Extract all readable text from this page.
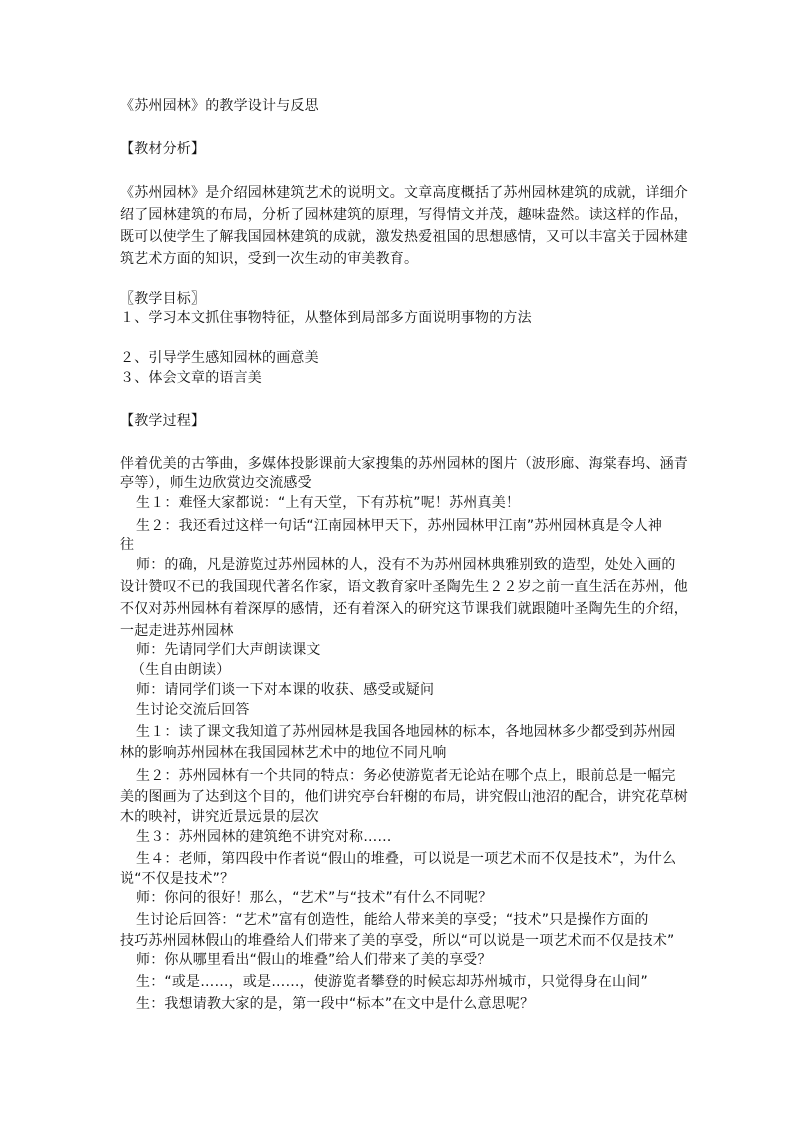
《苏州园林》的教学设计与反思
【教材分析】
《苏州园林》是介绍园林建筑艺术的说明文。文章高度概括了苏州园林建筑的成就，详细介
绍了园林建筑的布局，分析了园林建筑的原理，写得情文并茂，趣味盎然。读这样的作品，
既可以使学生了解我国园林建筑的成就，激发热爱祖国的思想感情，又可以丰富关于园林建
筑艺术方面的知识，受到一次生动的审美教育。
〖教学目标〗
１、学习本文抓住事物特征，从整体到局部多方面说明事物的方法
２、引导学生感知园林的画意美
３、体会文章的语言美
【教学过程】
伴着优美的古筝曲，多媒体投影课前大家搜集的苏州园林的图片（波形廊、海棠春坞、涵青
亭等），师生边欣赏边交流感受
生１：难怪大家都说：“上有天堂，下有苏杭”呢！苏州真美！
生２：我还看过这样一句话“江南园林甲天下，苏州园林甲江南”苏州园林真是令人神
往
师：的确，凡是游览过苏州园林的人，没有不为苏州园林典雅别致的造型，处处入画的
设计赞叹不已的我国现代著名作家，语文教育家叶圣陶先生２２岁之前一直生活在苏州，他
不仅对苏州园林有着深厚的感情，还有着深入的研究这节课我们就跟随叶圣陶先生的介绍，
一起走进苏州园林
师：先请同学们大声朗读课文
（生自由朗读）
师：请同学们谈一下对本课的收获、感受或疑问
生讨论交流后回答
生１：读了课文我知道了苏州园林是我国各地园林的标本，各地园林多少都受到苏州园
林的影响苏州园林在我国园林艺术中的地位不同凡响
生２：苏州园林有一个共同的特点：务必使游览者无论站在哪个点上，眼前总是一幅完
美的图画为了达到这个目的，他们讲究亭台轩榭的布局，讲究假山池沼的配合，讲究花草树
木的映衬，讲究近景远景的层次
生３：苏州园林的建筑绝不讲究对称……
生４：老师，第四段中作者说“假山的堆叠，可以说是一项艺术而不仅是技术”，为什么
说“不仅是技术”？
师：你问的很好！那么，“艺术”与“技术”有什么不同呢？
生讨论后回答：“艺术”富有创造性，能给人带来美的享受；“技术”只是操作方面的
技巧苏州园林假山的堆叠给人们带来了美的享受，所以“可以说是一项艺术而不仅是技术”
师：你从哪里看出“假山的堆叠”给人们带来了美的享受？
生：“或是……，或是……，使游览者攀登的时候忘却苏州城市，只觉得身在山间”
生：我想请教大家的是，第一段中“标本”在文中是什么意思呢？
